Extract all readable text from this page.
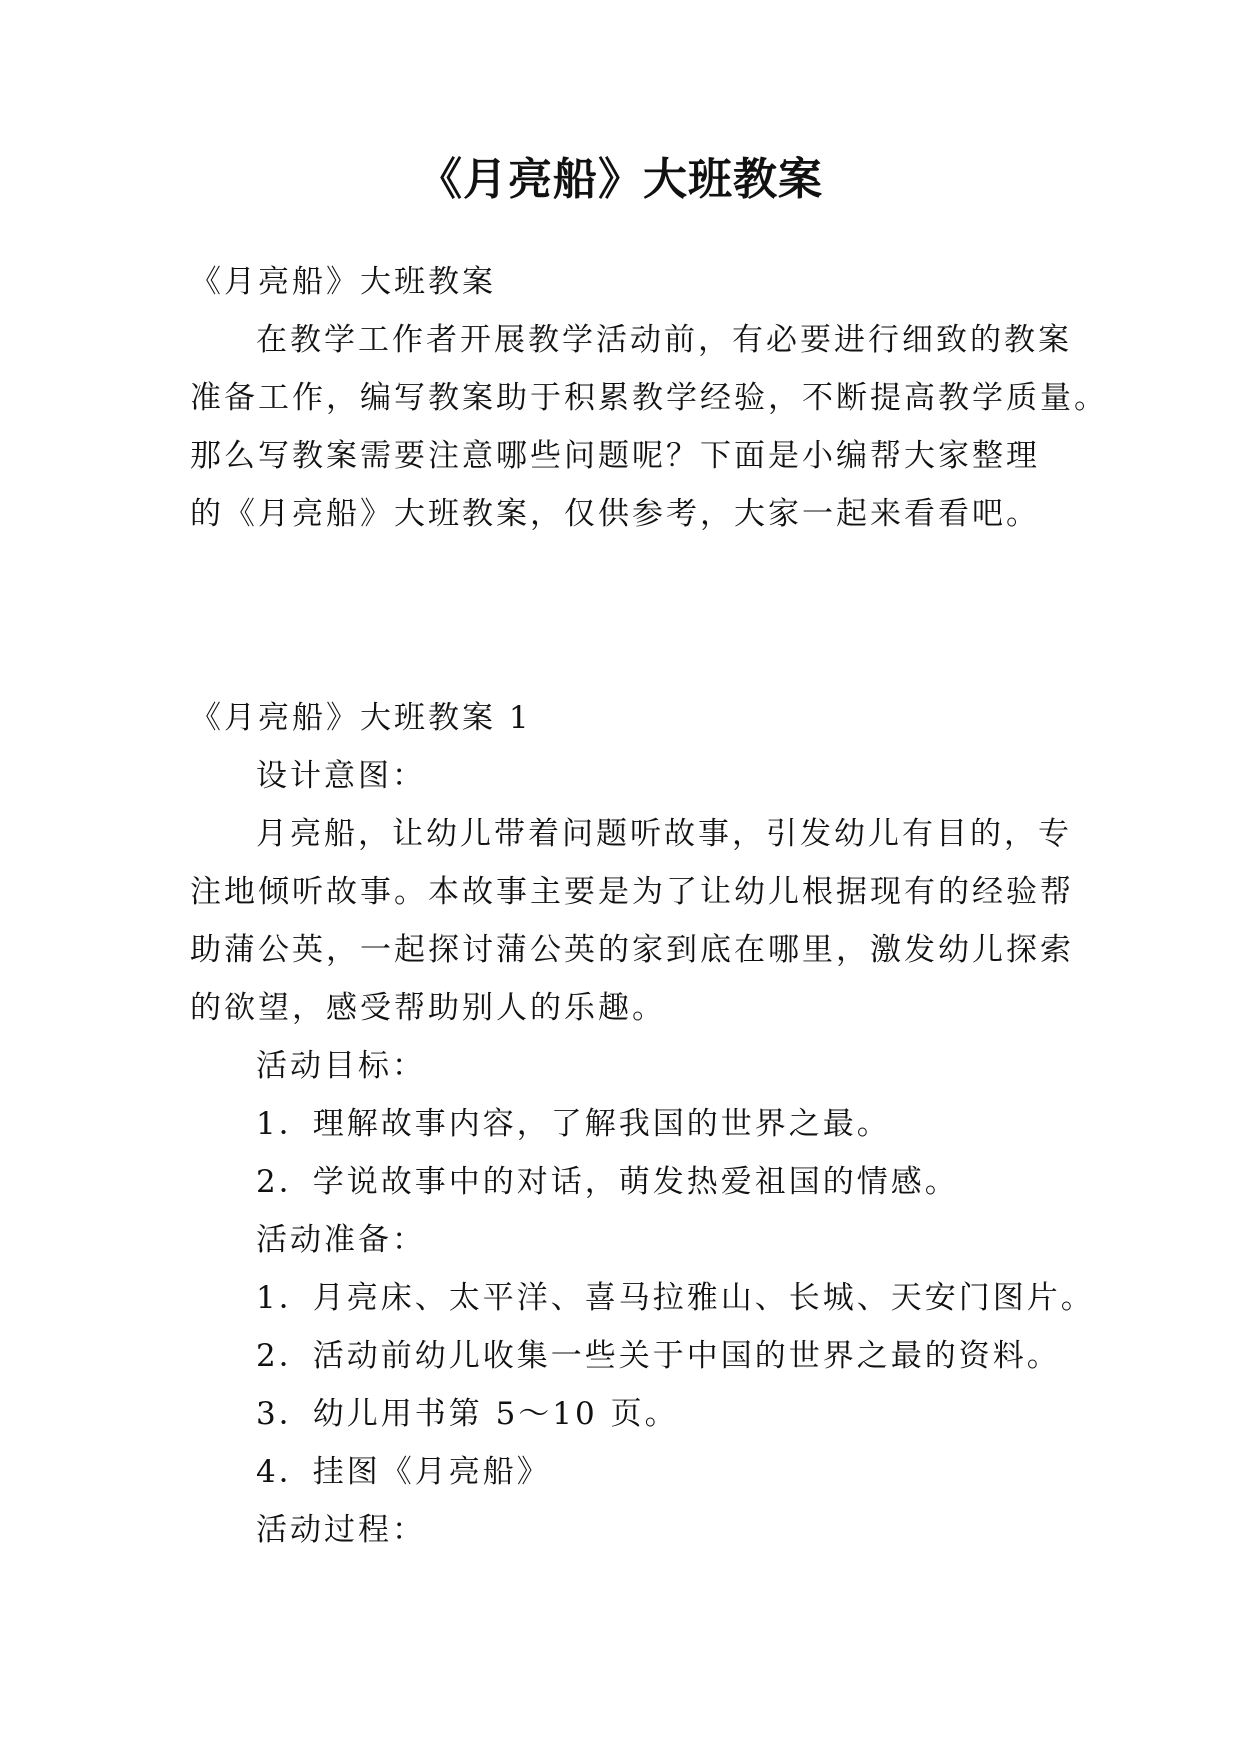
《月亮船》大班教案
《月亮船》大班教案
在教学工作者开展教学活动前，有必要进行细致的教案
准备工作，编写教案助于积累教学经验，不断提高教学质量。
那么写教案需要注意哪些问题呢？下面是小编帮大家整理
的《月亮船》大班教案，仅供参考，大家一起来看看吧。
《月亮船》大班教案 1
设计意图：
月亮船，让幼儿带着问题听故事，引发幼儿有目的，专
注地倾听故事。本故事主要是为了让幼儿根据现有的经验帮
助蒲公英，一起探讨蒲公英的家到底在哪里，激发幼儿探索
的欲望，感受帮助别人的乐趣。
活动目标：
1．理解故事内容，了解我国的世界之最。
2．学说故事中的对话，萌发热爱祖国的情感。
活动准备：
1．月亮床、太平洋、喜马拉雅山、长城、天安门图片。
2．活动前幼儿收集一些关于中国的世界之最的资料。
3．幼儿用书第 5～10 页。
4．挂图《月亮船》
活动过程：
